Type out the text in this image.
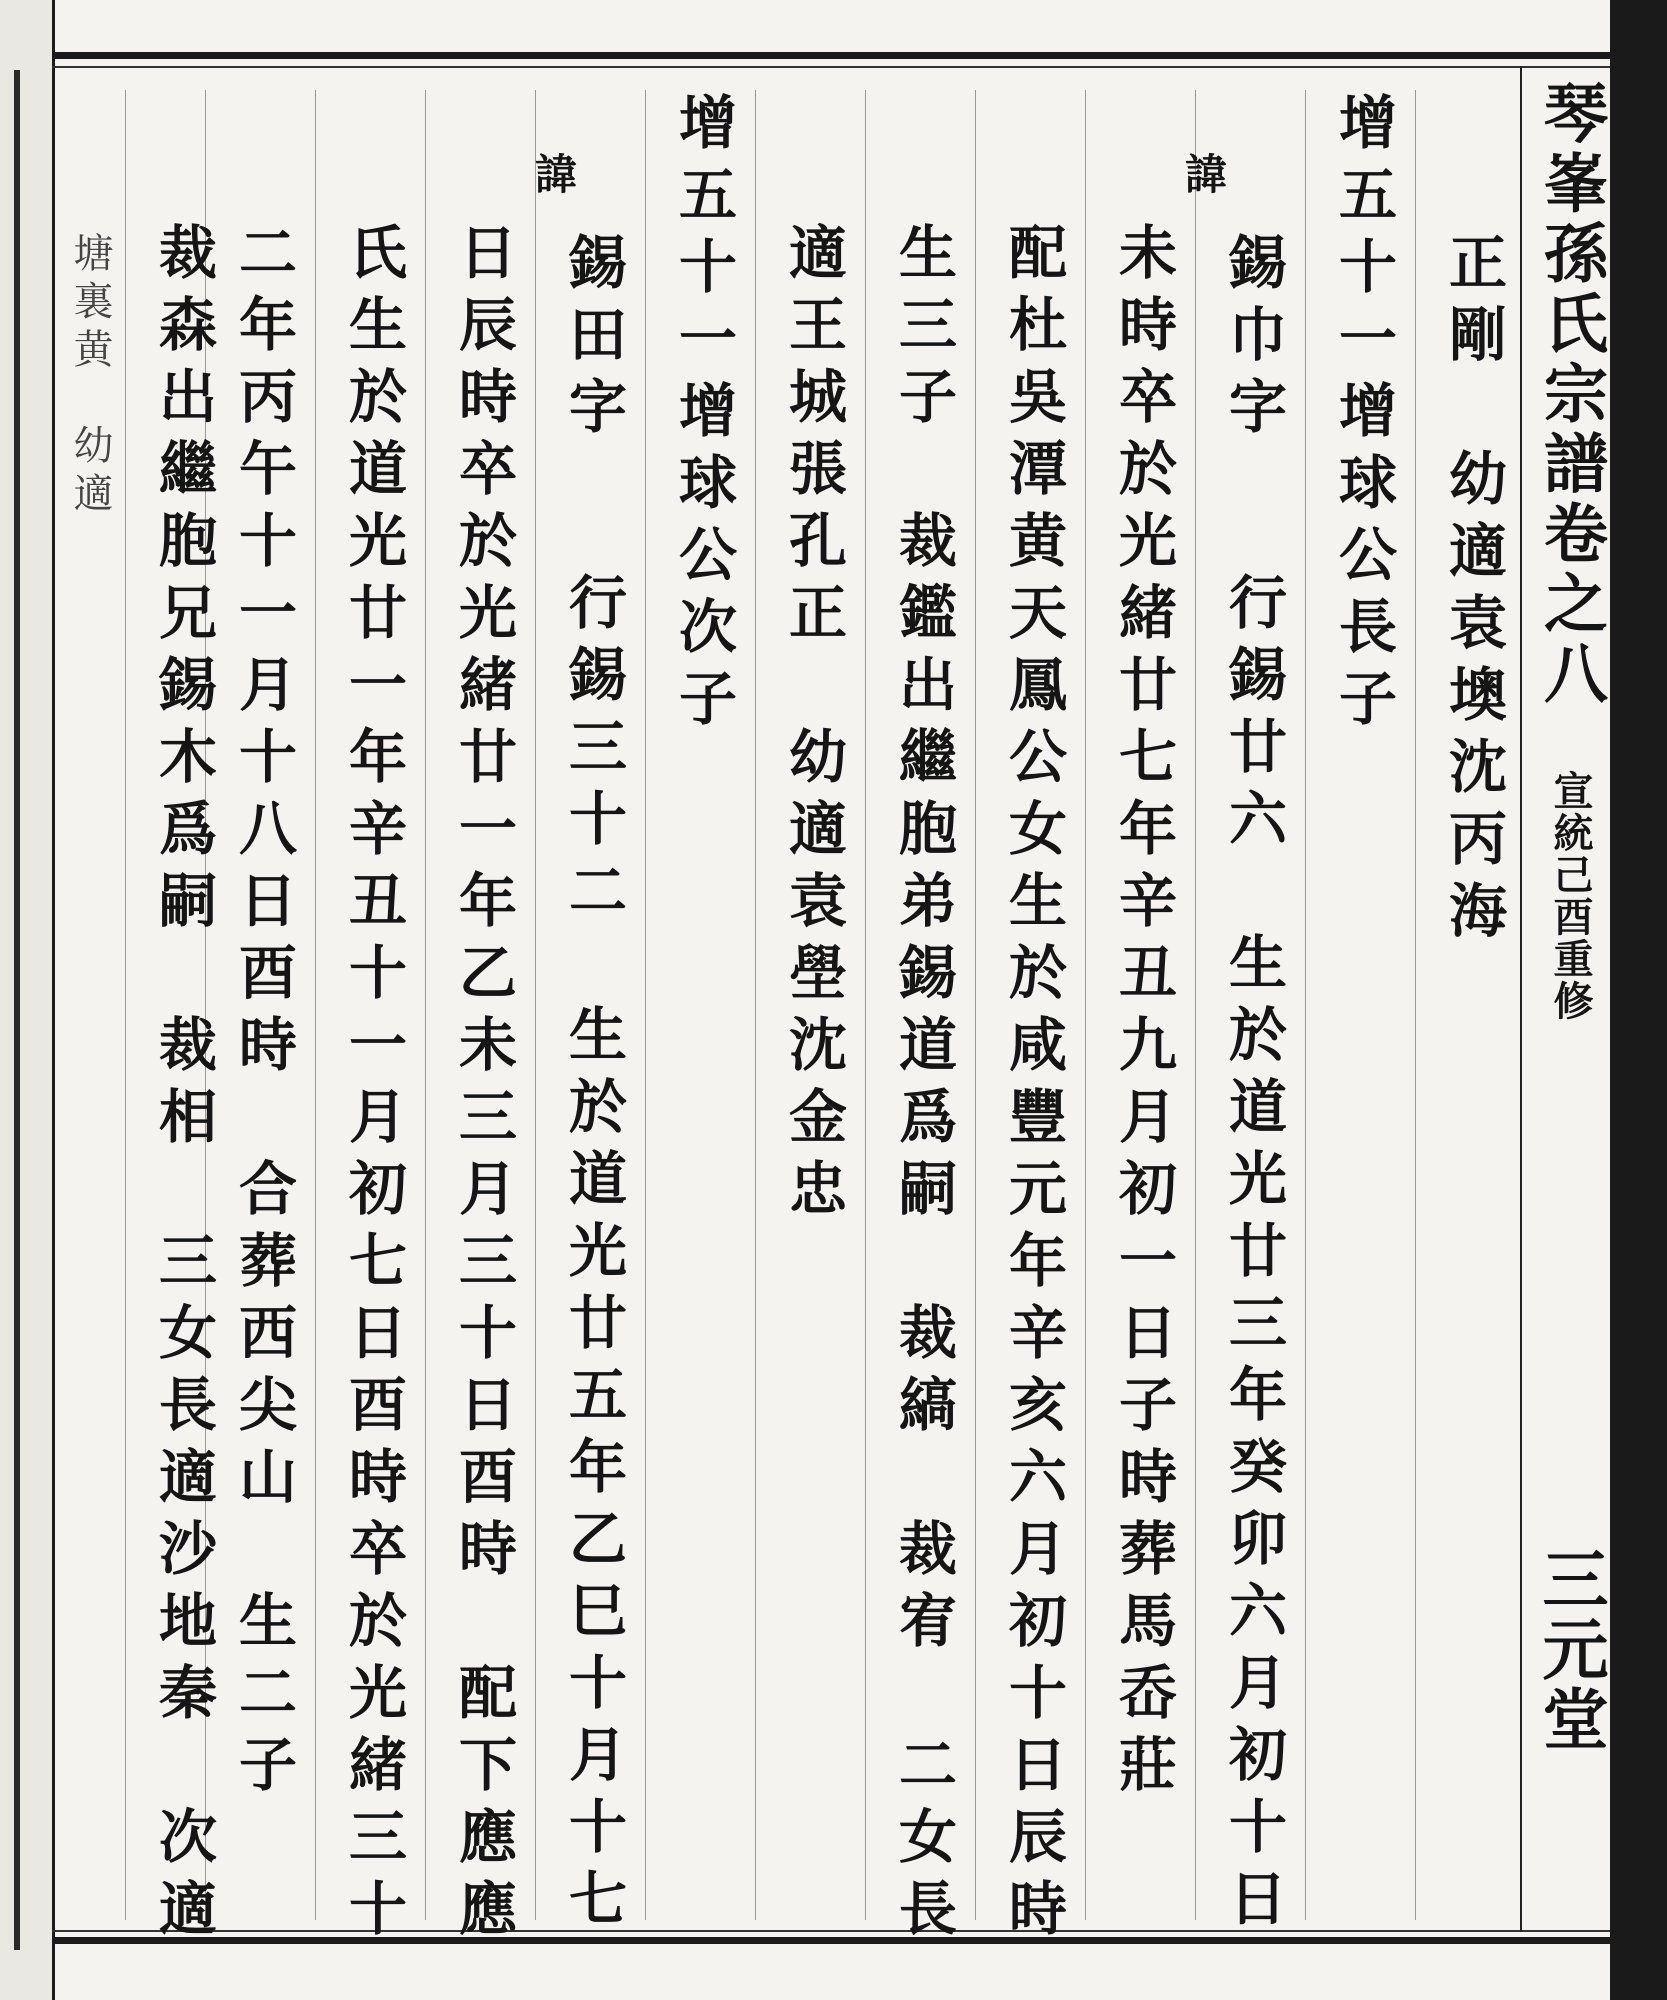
琴峯孫氏宗譜卷之八
宣統己酉重修
三元堂
正剛　幼適袁墺沈丙海
增五十一增球公長子
諱
錫巾字
行錫廿六　生於道光廿三年癸卯六月初十日
未時卒於光緒廿七年辛丑九月初一日子時葬馬岙莊
配杜吳潭黄天鳳公女生於咸豐元年辛亥六月初十日辰時
生三子　裁鑑出繼胞弟錫道爲嗣　裁縞　裁宥　二女長
適王城張孔正　幼適袁壆沈金忠
增五十一增球公次子
諱
錫田字
行錫三十二　生於道光廿五年乙巳十月十七
日辰時卒於光緒廿一年乙未三月三十日酉時　配下應應
氏生於道光廿一年辛丑十一月初七日酉時卒於光緒三十
二年丙午十一月十八日酉時　合葬西尖山　生二子
裁森出繼胞兄錫木爲嗣　裁相　三女長適沙地秦　次適
塘裏黄　幼適
